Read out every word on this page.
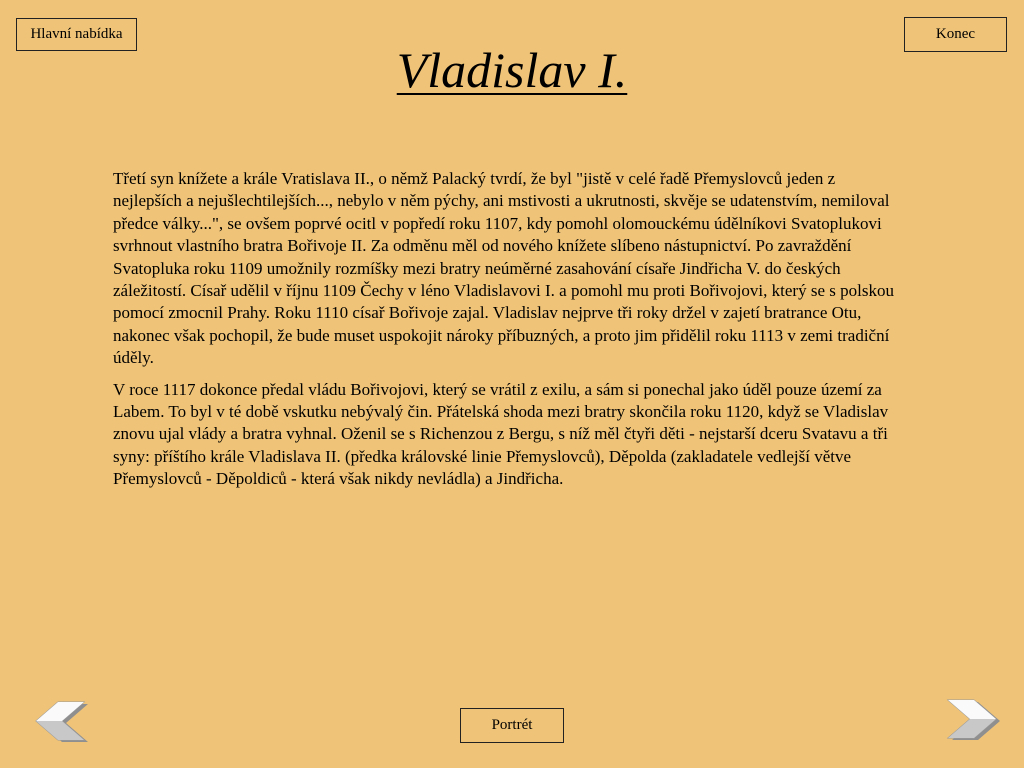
Hlavní nabídka	Konec
Vladislav I.

Třetí syn knížete a krále Vratislava II., o němž Palacký tvrdí, že byl "jistě v celé řadě Přemyslovců jeden z nejlepších a nejušlechtilejších..., nebylo v něm pýchy, ani mstivosti a ukrutnosti, skvěje se udatenstvím, nemiloval předce války...", se ovšem poprvé ocitl v popředí roku 1107, kdy pomohl olomouckému údělníkovi Svatoplukovi svrhnout vlastního bratra Bořivoje II. Za odměnu měl od nového knížete slíbeno nástupnictví. Po zavraždění Svatopluka roku 1109 umožnily rozmíšky mezi bratry neúměrné zasahování císaře Jindřicha V. do českých záležitostí. Císař udělil v říjnu 1109 Čechy v léno Vladislavovi I. a pomohl mu proti Bořivojovi, který se s polskou pomocí zmocnil Prahy. Roku 1110 císař Bořivoje zajal. Vladislav nejprve tři roky držel v zajetí bratrance Otu, nakonec však pochopil, že bude muset uspokojit nároky příbuzných, a proto jim přidělil roku 1113 v zemi tradiční úděly.

V roce 1117 dokonce předal vládu Bořivojovi, který se vrátil z exilu, a sám si ponechal jako úděl pouze území za Labem. To byl v té době vskutku nebývalý čin. Přátelská shoda mezi bratry skončila roku 1120, když se Vladislav znovu ujal vlády a bratra vyhnal. Oženil se s Richenzou z Bergu, s níž měl čtyři děti - nejstarší dceru Svatavu a tři syny: příštího krále Vladislava II. (předka královské linie Přemyslovců), Děpolda (zakladatele vedlejší větve Přemyslovců - Děpoldiců - která však nikdy nevládla) a Jindřicha.

Portrét
